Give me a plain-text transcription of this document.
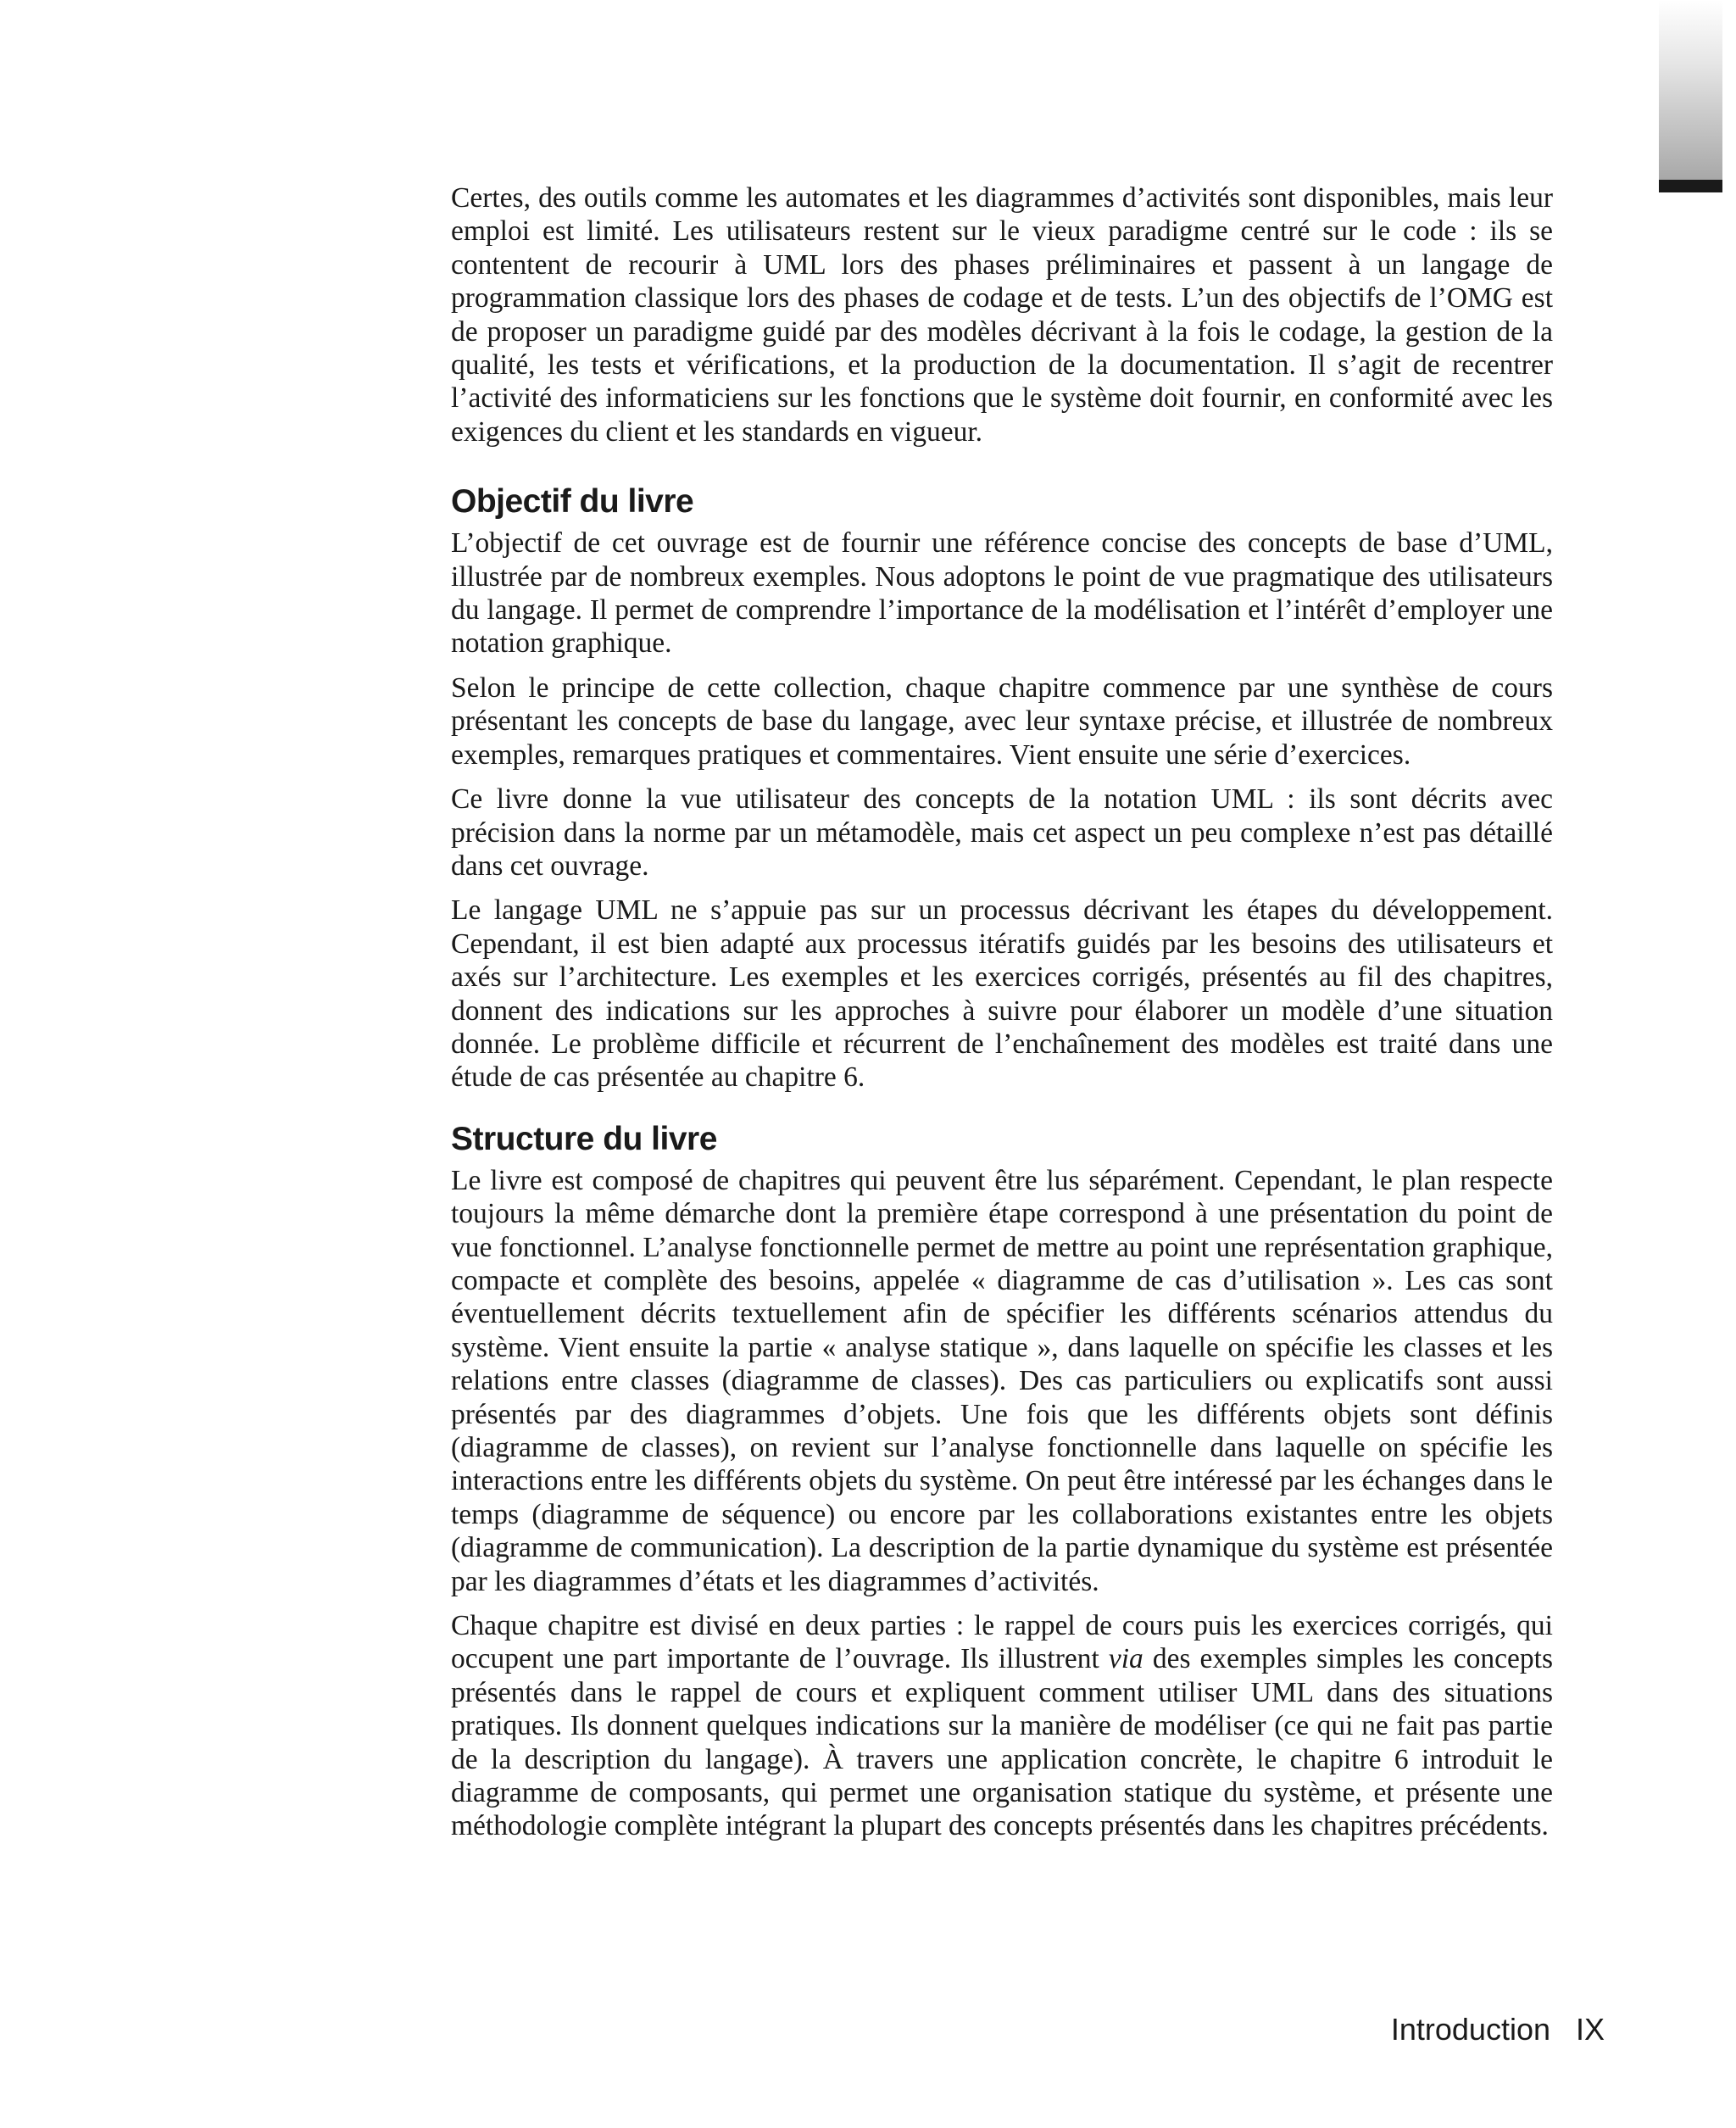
Certes, des outils comme les automates et les diagrammes d’activités sont disponibles, mais leur emploi est limité. Les utilisateurs restent sur le vieux paradigme centré sur le code : ils se contentent de recourir à UML lors des phases préliminaires et passent à un langage de programmation classique lors des phases de codage et de tests. L’un des objectifs de l’OMG est de proposer un paradigme guidé par des modèles décrivant à la fois le codage, la gestion de la qualité, les tests et vérifications, et la production de la documentation. Il s’agit de recentrer l’activité des informaticiens sur les fonctions que le système doit fournir, en conformité avec les exigences du client et les standards en vigueur.

Objectif du livre

L’objectif de cet ouvrage est de fournir une référence concise des concepts de base d’UML, illustrée par de nombreux exemples. Nous adoptons le point de vue pragmatique des utilisateurs du langage. Il permet de comprendre l’importance de la modélisation et l’intérêt d’employer une notation graphique.

Selon le principe de cette collection, chaque chapitre commence par une synthèse de cours présentant les concepts de base du langage, avec leur syntaxe précise, et illustrée de nombreux exemples, remarques pratiques et commentaires. Vient ensuite une série d’exercices.

Ce livre donne la vue utilisateur des concepts de la notation UML : ils sont décrits avec précision dans la norme par un métamodèle, mais cet aspect un peu complexe n’est pas détaillé dans cet ouvrage.

Le langage UML ne s’appuie pas sur un processus décrivant les étapes du développement. Cependant, il est bien adapté aux processus itératifs guidés par les besoins des utilisateurs et axés sur l’architecture. Les exemples et les exercices corrigés, présentés au fil des chapitres, donnent des indications sur les approches à suivre pour élaborer un modèle d’une situation donnée. Le problème difficile et récurrent de l’enchaînement des modèles est traité dans une étude de cas présentée au chapitre 6.

Structure du livre

Le livre est composé de chapitres qui peuvent être lus séparément. Cependant, le plan respecte toujours la même démarche dont la première étape correspond à une présentation du point de vue fonctionnel. L’analyse fonctionnelle permet de mettre au point une représentation graphique, compacte et complète des besoins, appelée « diagramme de cas d’utilisation ». Les cas sont éventuellement décrits textuellement afin de spécifier les différents scénarios attendus du système. Vient ensuite la partie « analyse statique », dans laquelle on spécifie les classes et les relations entre classes (diagramme de classes). Des cas particuliers ou explicatifs sont aussi présentés par des diagrammes d’objets. Une fois que les différents objets sont définis (diagramme de classes), on revient sur l’analyse fonctionnelle dans laquelle on spécifie les interactions entre les différents objets du système. On peut être intéressé par les échanges dans le temps (diagramme de séquence) ou encore par les collaborations existantes entre les objets (diagramme de communication). La description de la partie dynamique du système est présentée par les diagrammes d’états et les diagrammes d’activités.

Chaque chapitre est divisé en deux parties : le rappel de cours puis les exercices corrigés, qui occupent une part importante de l’ouvrage. Ils illustrent via des exemples simples les concepts présentés dans le rappel de cours et expliquent comment utiliser UML dans des situations pratiques. Ils donnent quelques indications sur la manière de modéliser (ce qui ne fait pas partie de la description du langage). À travers une application concrète, le chapitre 6 introduit le diagramme de composants, qui permet une organisation statique du système, et présente une méthodologie complète intégrant la plupart des concepts présentés dans les chapitres précédents.

Introduction IX
